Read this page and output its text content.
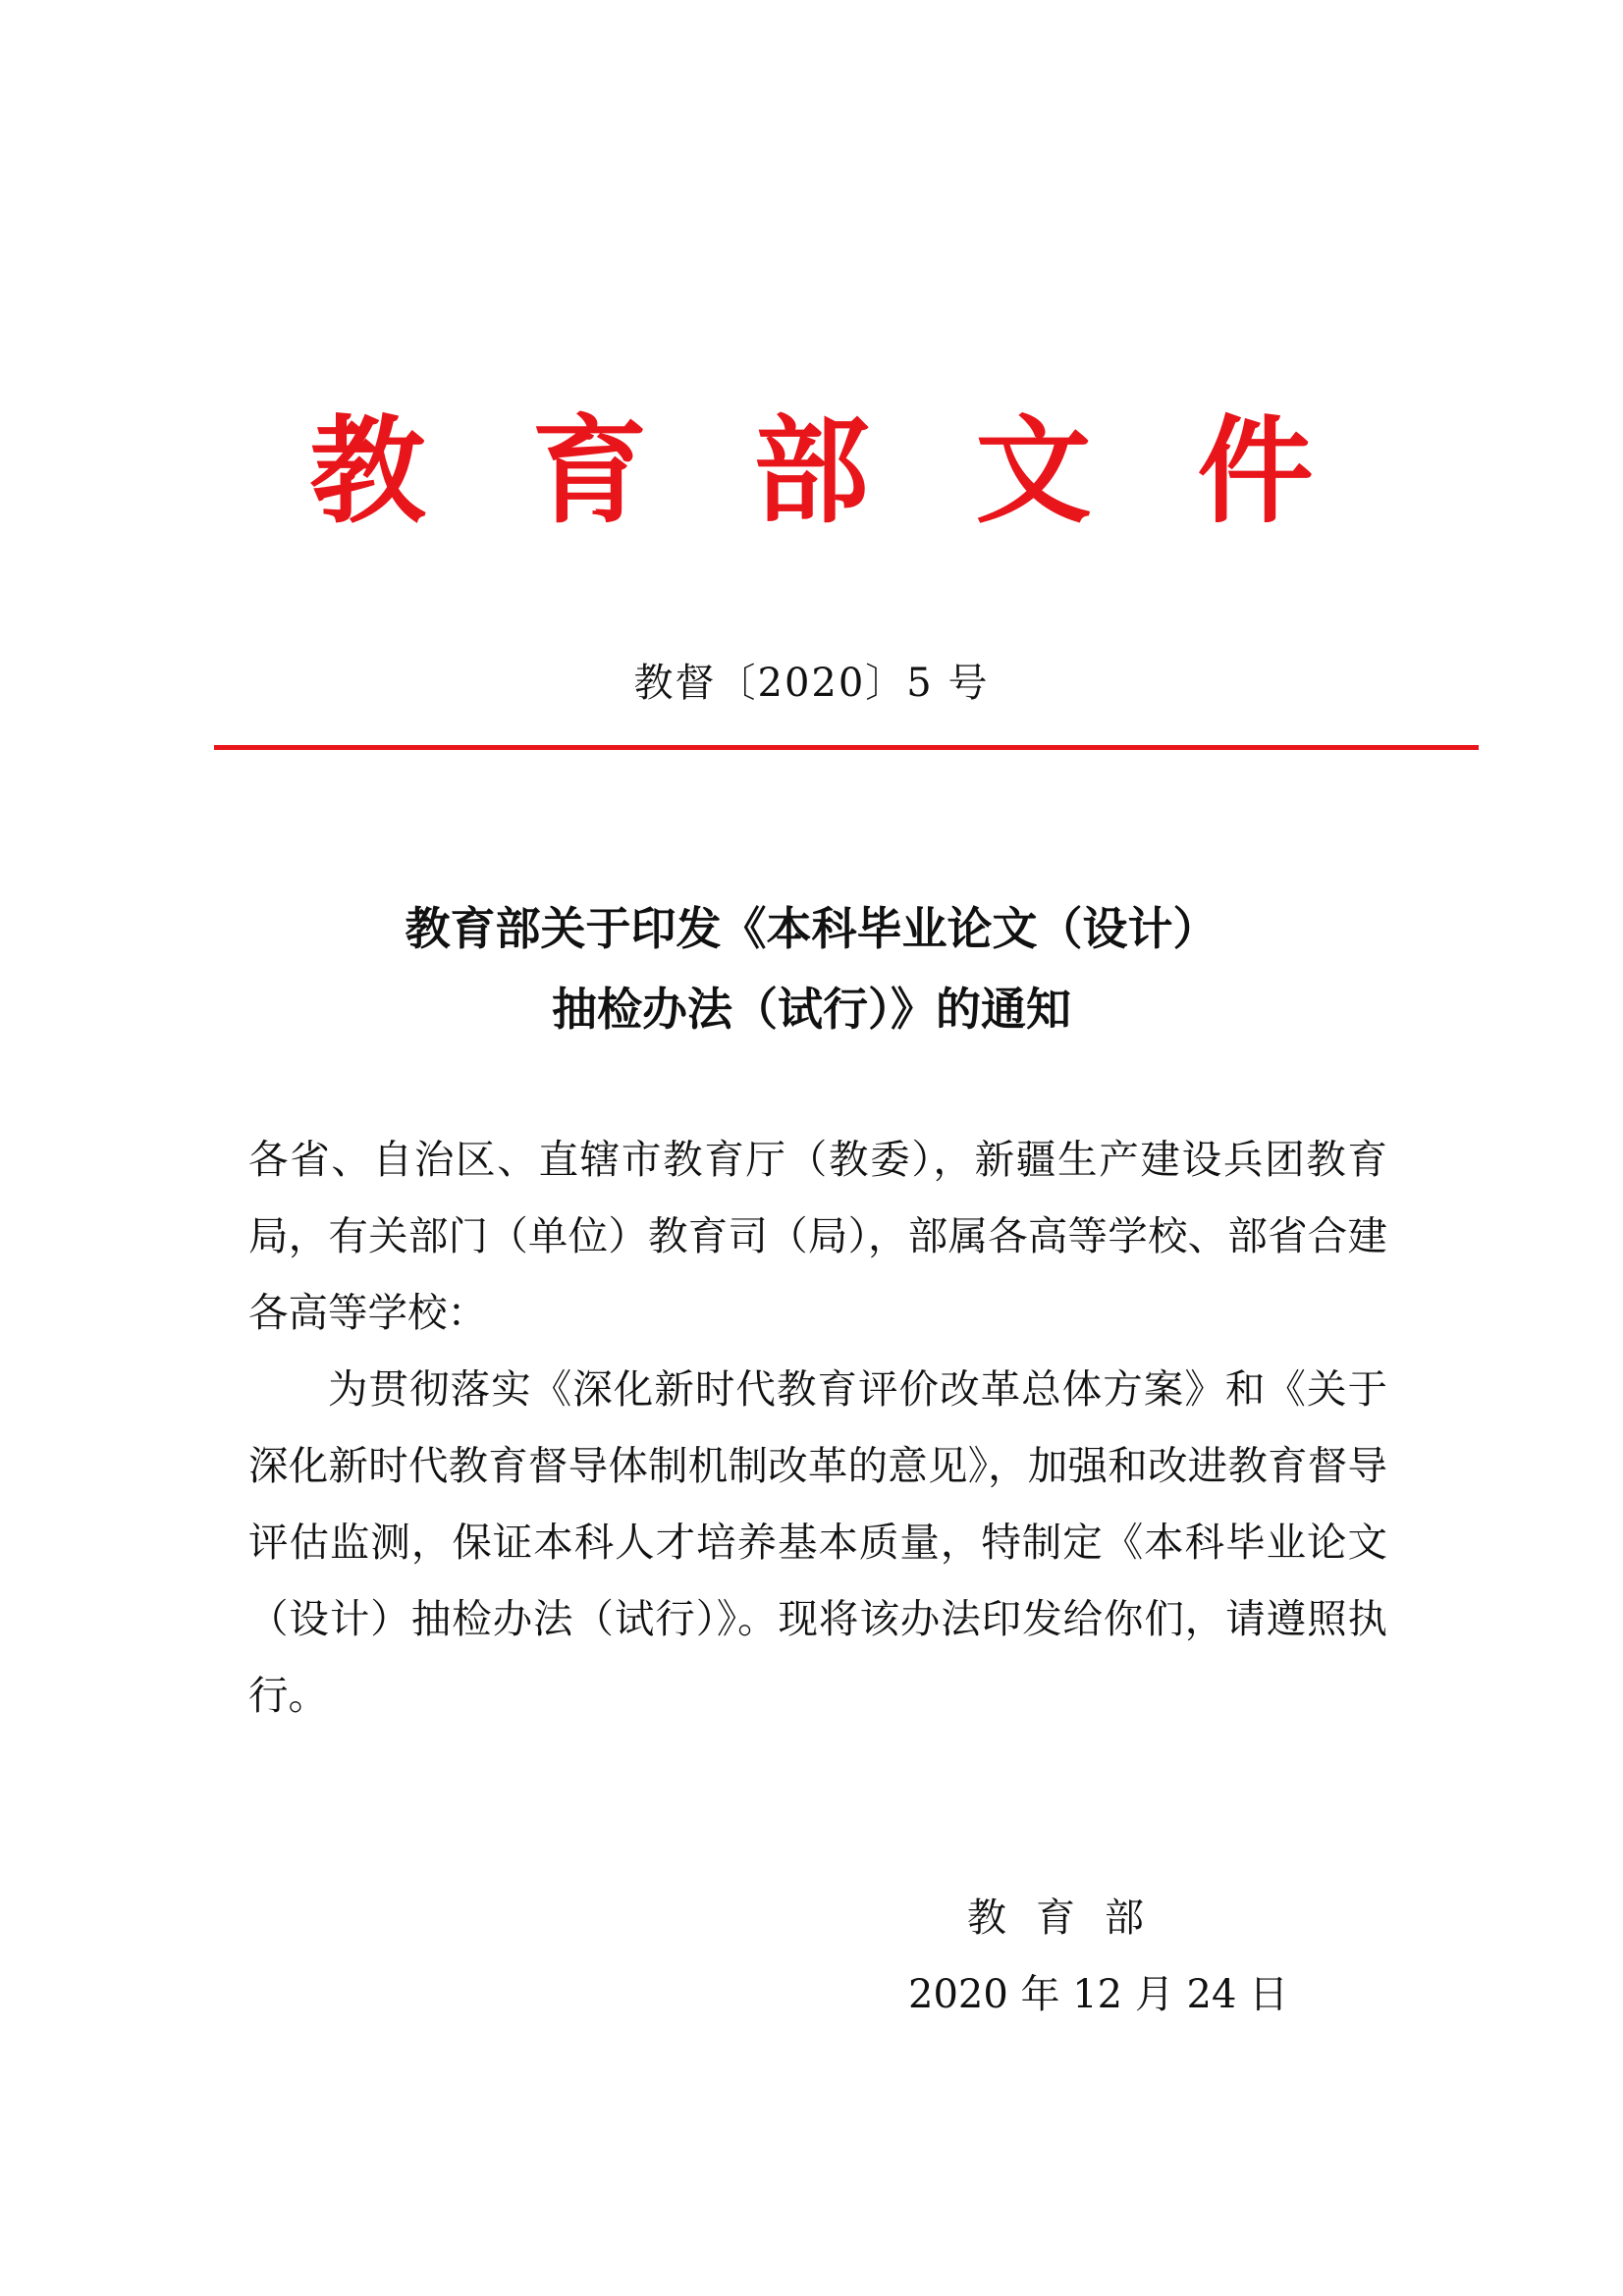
教育部文件
教督〔2020〕5 号
教育部关于印发《本科毕业论文（设计）
抽检办法（试行）》的通知

各省、自治区、直辖市教育厅（教委），新疆生产建设兵团教育局，有关部门（单位）教育司（局），部属各高等学校、部省合建各高等学校：

为贯彻落实《深化新时代教育评价改革总体方案》和《关于深化新时代教育督导体制机制改革的意见》，加强和改进教育督导评估监测，保证本科人才培养基本质量，特制定《本科毕业论文（设计）抽检办法（试行）》。现将该办法印发给你们，请遵照执行。

教育部
2020 年 12 月 24 日
